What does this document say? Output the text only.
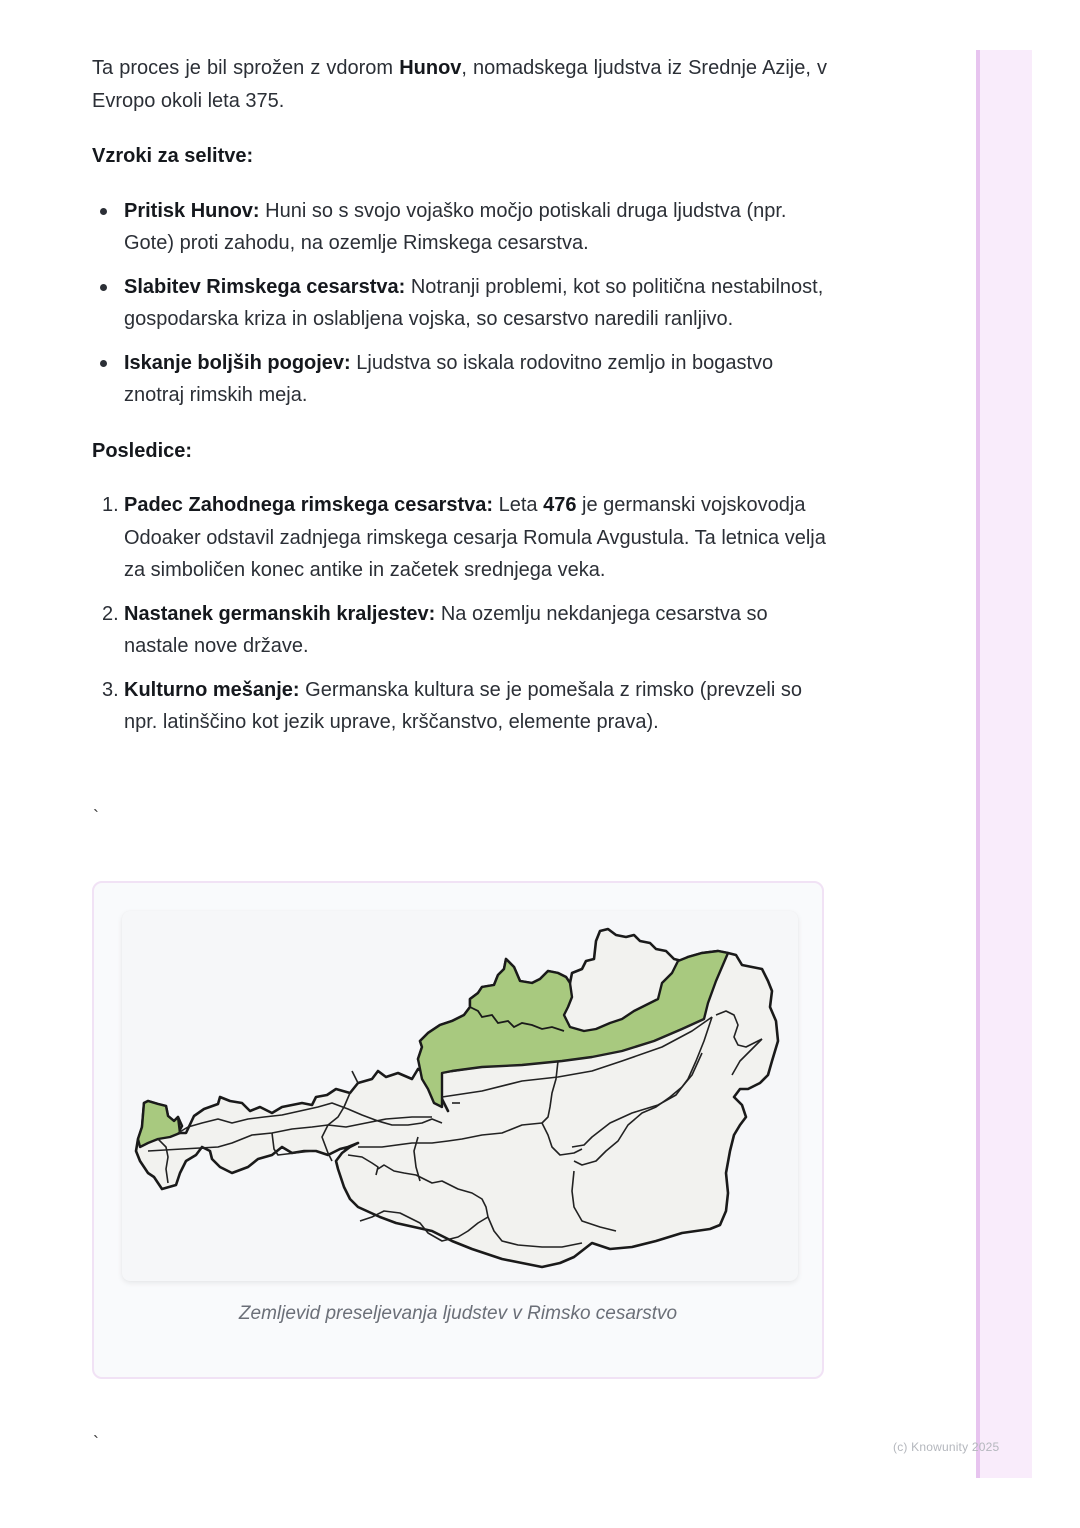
Ta proces je bil sprožen z vdorom Hunov, nomadskega ljudstva iz Srednje Azije, v Evropo okoli leta 375.

Vzroki za selitve:

Pritisk Hunov: Huni so s svojo vojaško močjo potiskali druga ljudstva (npr. Gote) proti zahodu, na ozemlje Rimskega cesarstva.
Slabitev Rimskega cesarstva: Notranji problemi, kot so politična nestabilnost, gospodarska kriza in oslabljena vojska, so cesarstvo naredili ranljivo.
Iskanje boljših pogojev: Ljudstva so iskala rodovitno zemljo in bogastvo znotraj rimskih meja.

Posledice:

1. Padec Zahodnega rimskega cesarstva: Leta 476 je germanski vojskovodja Odoaker odstavil zadnjega rimskega cesarja Romula Avgustula. Ta letnica velja za simboličen konec antike in začetek srednjega veka.
2. Nastanek germanskih kraljestev: Na ozemlju nekdanjega cesarstva so nastale nove države.
3. Kulturno mešanje: Germanska kultura se je pomešala z rimsko (prevzeli so npr. latinščino kot jezik uprave, krščanstvo, elemente prava).
`
Zemljevid preseljevanja ljudstev v Rimsko cesarstvo
`	(c) Knowunity 2025
